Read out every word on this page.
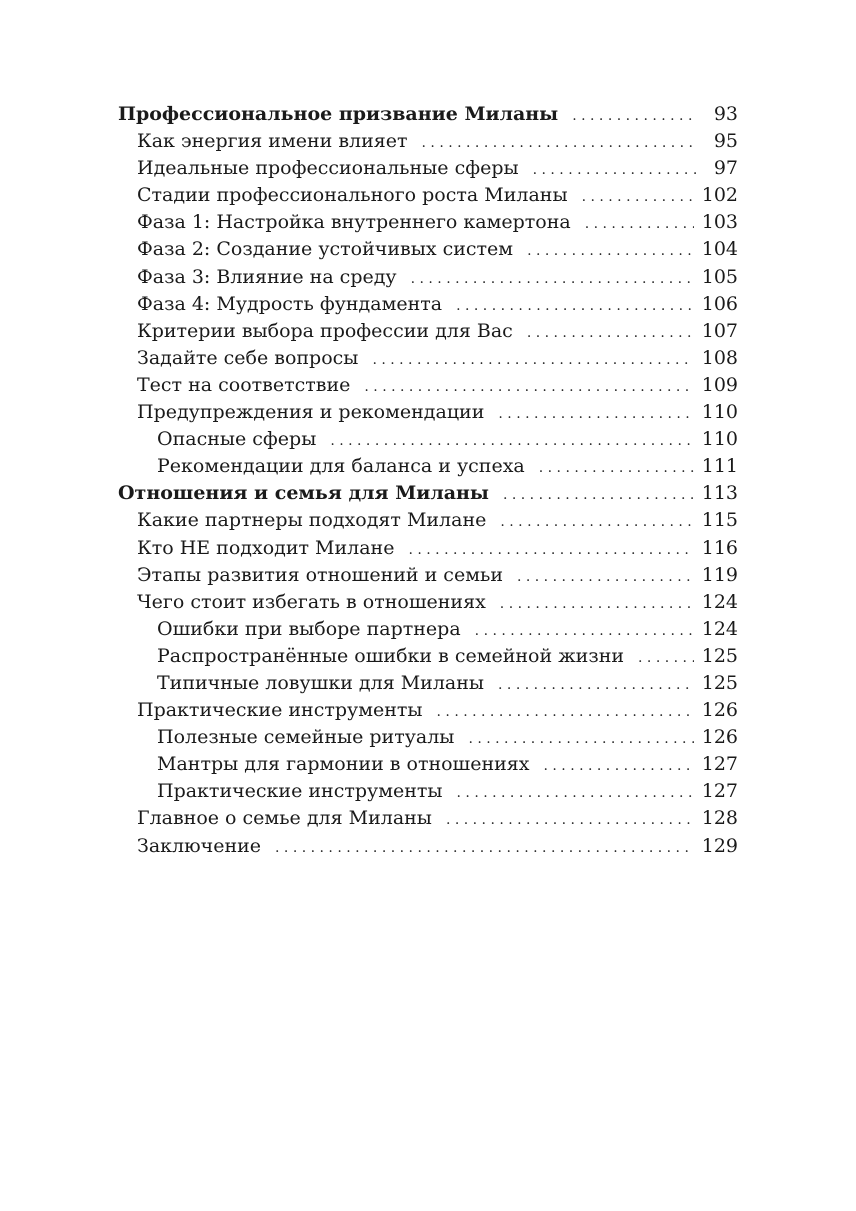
Профессиональное призвание Миланы . . .	93
Как энергия имени влияет . . .	95
Идеальные профессиональные сферы . . .	97
Стадии профессионального роста Миланы . . .	102
Фаза 1: Настройка внутреннего камертона . . .	103
Фаза 2: Создание устойчивых систем . . .	104
Фаза 3: Влияние на среду . . .	105
Фаза 4: Мудрость фундамента . . .	106
Критерии выбора профессии для Вас . . .	107
Задайте себе вопросы . . .	108
Тест на соответствие . . .	109
Предупреждения и рекомендации . . .	110
Опасные сферы . . .	110
Рекомендации для баланса и успеха . . .	111
Отношения и семья для Миланы . . .	113
Какие партнеры подходят Милане . . .	115
Кто НЕ подходит Милане . . .	116
Этапы развития отношений и семьи . . .	119
Чего стоит избегать в отношениях . . .	124
Ошибки при выборе партнера . . .	124
Распространённые ошибки в семейной жизни . . .	125
Типичные ловушки для Миланы . . .	125
Практические инструменты . . .	126
Полезные семейные ритуалы . . .	126
Мантры для гармонии в отношениях . . .	127
Практические инструменты . . .	127
Главное о семье для Миланы . . .	128
Заключение . . .	129
